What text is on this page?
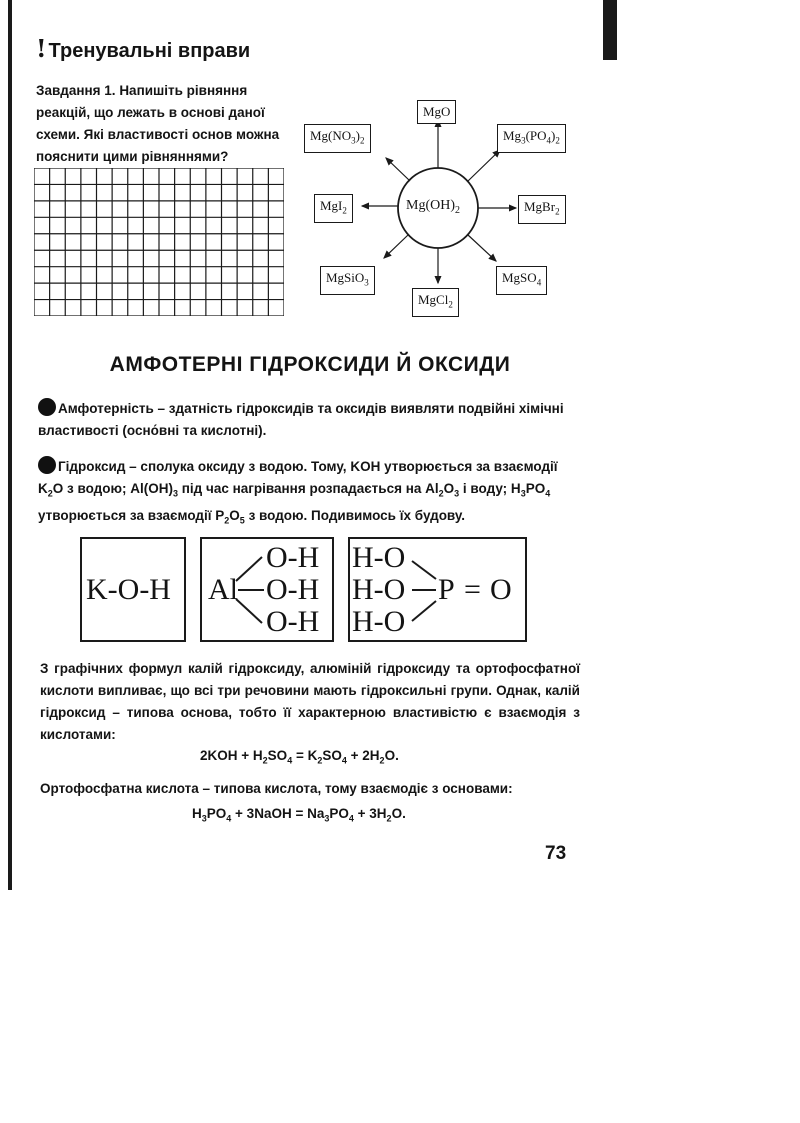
! Тренувальні вправи
Завдання 1. Напишіть рівняння реакцій, що лежать в основі даної схеми. Які властивості основ можна пояснити цими рівняннями?
$Mg(OH)_2$
MgO
$Mg_3(PO_4)_2$
MgBr$_2$
MgSO$_4$
MgCl$_2$
MgSiO$_3$
MgI$_2$
$Mg(NO_3)_2$
АМФОТЕРНІ ГІДРОКСИДИ Й ОКСИДИ
Амфотерність – здатність гідроксидів та оксидів виявляти подвійні хімічні властивості (осно́вні та кислотні).
Гідроксид – сполука оксиду з водою. Тому, KOH утворюється за взаємодії $K_2O$ з водою; $Al(OH)_3$ під час нагрівання розпадається на $Al_2O_3$ і воду; $H_3PO_4$ утворюється за взаємодії $P_2O_5$ з водою. Подивимось їх будову.
K-O-H Al
O-H
O-H
O-H
H-O
H-O
H-O
P = O
З графічних формул калій гідроксиду, алюміній гідроксиду та ортофосфатної кислоти випливає, що всі три речовини мають гідроксильні групи. Однак, калій гідроксид – типова основа, тобто її характерною властивістю є взаємодія з кислотами:
$2KOH + H_2SO_4 = K_2SO_4 + 2H_2O$.
Ортофосфатна кислота – типова кислота, тому взаємодіє з основами:
$H_3PO_4$ + 3NaOH = $Na_3PO_4 + 3H_2O$.
73
